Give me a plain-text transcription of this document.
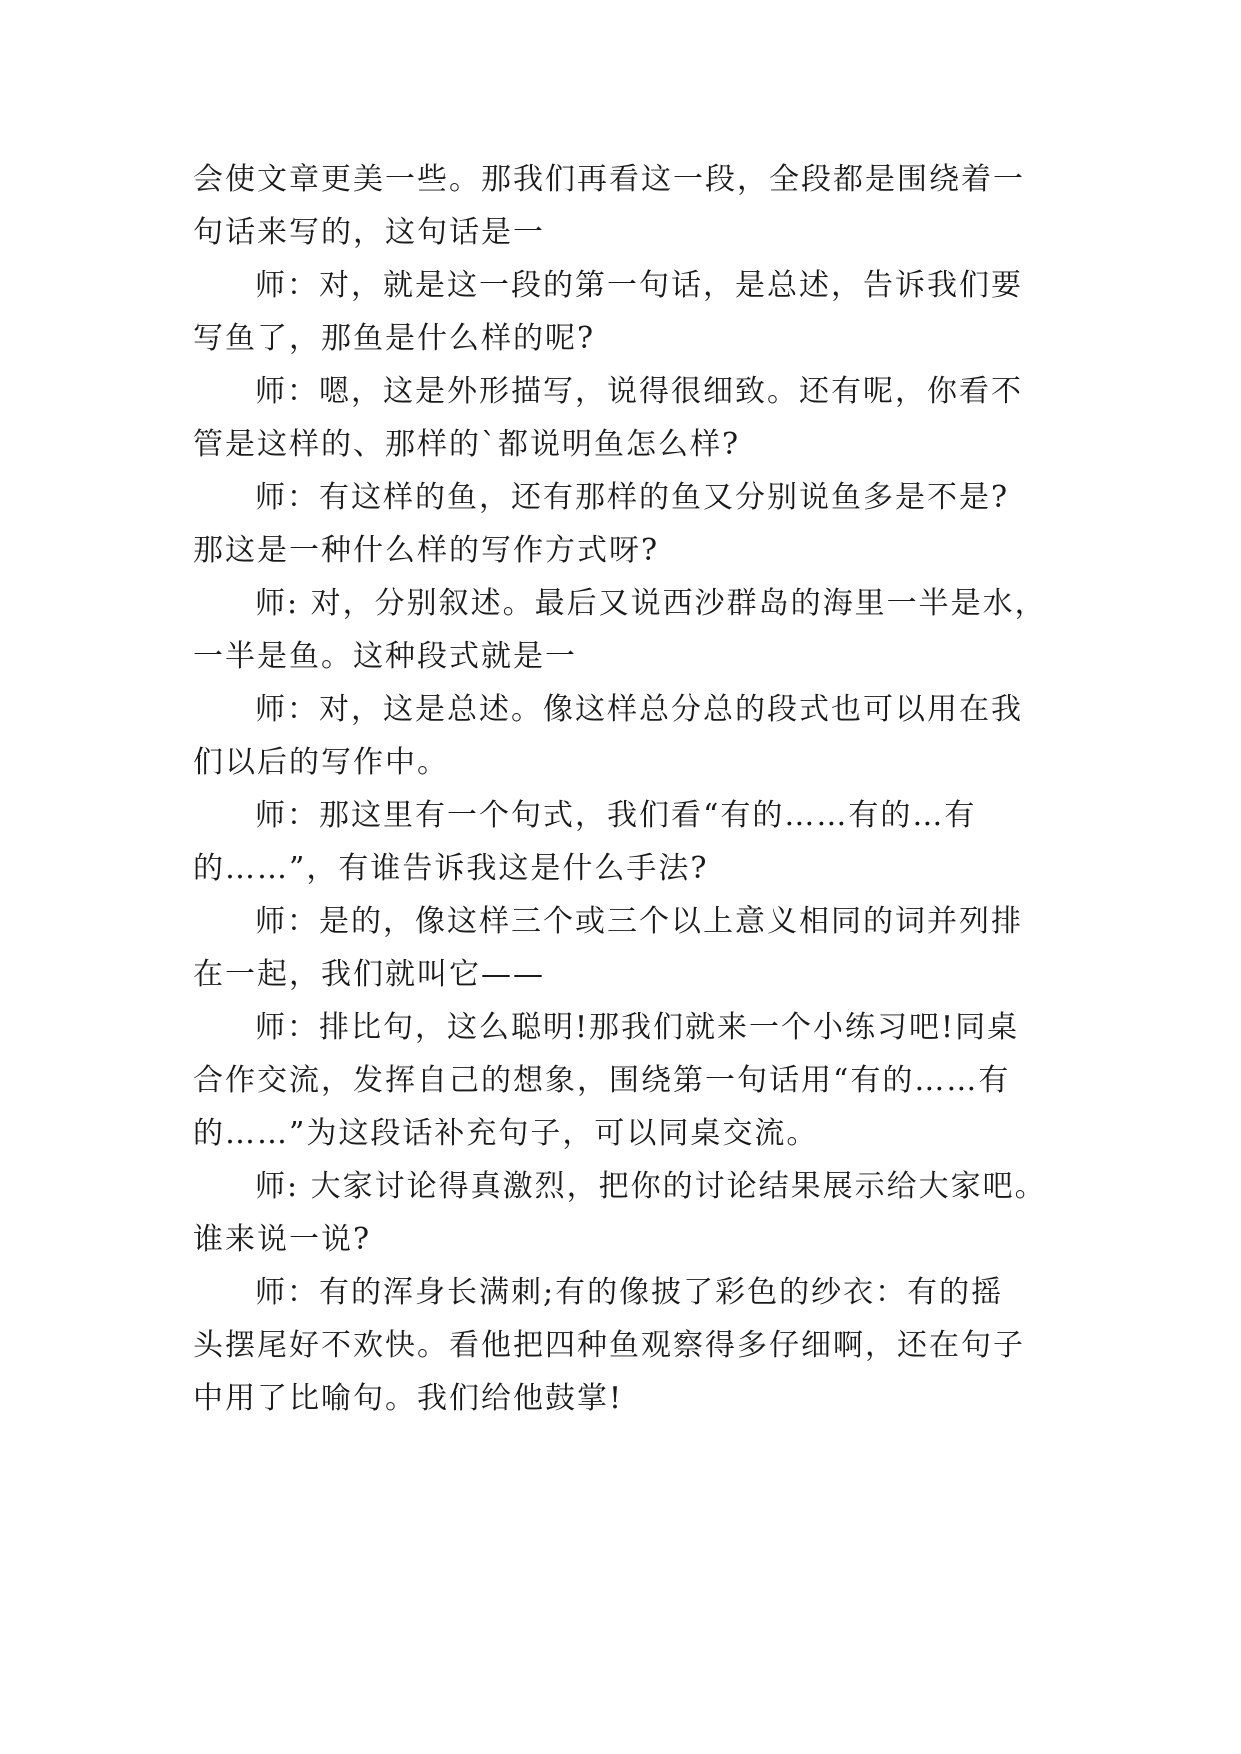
会使文章更美一些。那我们再看这一段，全段都是围绕着一
句话来写的，这句话是一
师：对，就是这一段的第一句话，是总述，告诉我们要
写鱼了，那鱼是什么样的呢?
师：嗯，这是外形描写，说得很细致。还有呢，你看不
管是这样的、那样的`都说明鱼怎么样?
师：有这样的鱼，还有那样的鱼又分别说鱼多是不是?
那这是一种什么样的写作方式呀?
师: 对，分别叙述。最后又说西沙群岛的海里一半是水，
一半是鱼。这种段式就是一
师：对，这是总述。像这样总分总的段式也可以用在我
们以后的写作中。
师：那这里有一个句式，我们看“有的……有的…有
的……”，有谁告诉我这是什么手法?
师：是的，像这样三个或三个以上意义相同的词并列排
在一起，我们就叫它——
师：排比句，这么聪明!那我们就来一个小练习吧!同桌
合作交流，发挥自己的想象，围绕第一句话用“有的……有
的……”为这段话补充句子，可以同桌交流。
师: 大家讨论得真激烈，把你的讨论结果展示给大家吧。
谁来说一说?
师：有的浑身长满刺;有的像披了彩色的纱衣：有的摇
头摆尾好不欢快。看他把四种鱼观察得多仔细啊，还在句子
中用了比喻句。我们给他鼓掌!
